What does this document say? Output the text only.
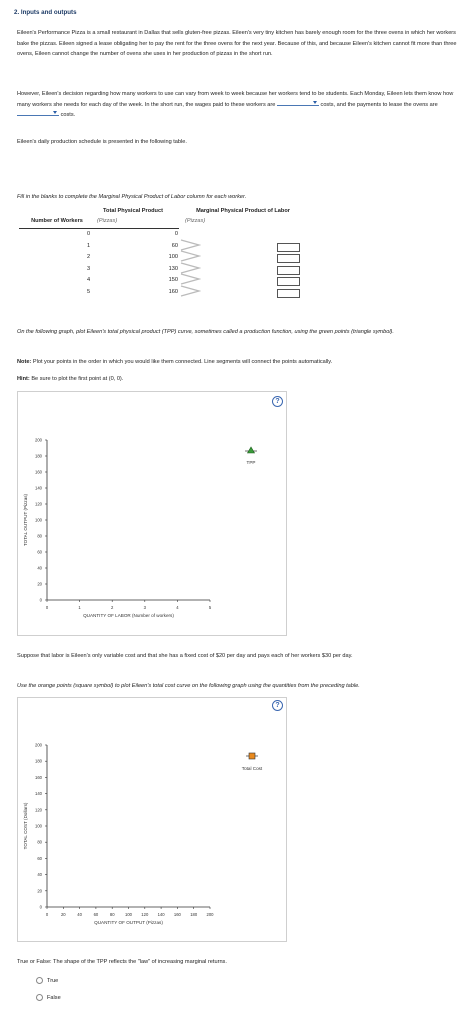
2. Inputs and outputs
Eileen's Performance Pizza is a small restaurant in Dallas that sells gluten-free pizzas. Eileen's very tiny kitchen has barely enough room for the three ovens in which her workers bake the pizzas. Eileen signed a lease obligating her to pay the rent for the three ovens for the next year. Because of this, and because Eileen's kitchen cannot fit more than three ovens, Eileen cannot change the number of ovens she uses in her production of pizzas in the short run.
However, Eileen's decision regarding how many workers to use can vary from week to week because her workers tend to be students. Each Monday, Eileen lets them know how many workers she needs for each day of the week. In the short run, the wages paid to these workers are	costs, and the payments to lease the ovens are
costs.
Eileen's daily production schedule is presented in the following table.
Fill in the blanks to complete the Marginal Physical Product of Labor column for each worker.
Total Physical Product	Marginal Physical Product of Labor
Number of Workers	(Pizzas)	(Pizzas)
0	0
1	60
2	100
3	130
4	150
5	160
On the following graph, plot Eileen's total physical product (TPP) curve, sometimes called a production function, using the green points (triangle symbol).
Note: Plot your points in the order in which you would like them connected. Line segments will connect the points automatically.
Hint: Be sure to plot the first point at (0, 0).
?
0
20
40
60
80
100
120
140
160
180
200
0	1	2	3	4	5
QUANTITY OF LABOR (Number of workers)
TOTAL OUTPUT (Pizzas)
TPP
Suppose that labor is Eileen's only variable cost and that she has a fixed cost of $20 per day and pays each of her workers $30 per day.
Use the orange points (square symbol) to plot Eileen's total cost curve on the following graph using the quantities from the preceding table.
?
0
20
40
60
80
100
120
140
160
180
200
0	20	40	60	80 100 120 140 160 180 200
QUANTITY OF OUTPUT (Pizzas)
TOTAL COST (Dollars)
Total Cost
True or False: The shape of the TPP reflects the "law" of increasing marginal returns.
True
False
